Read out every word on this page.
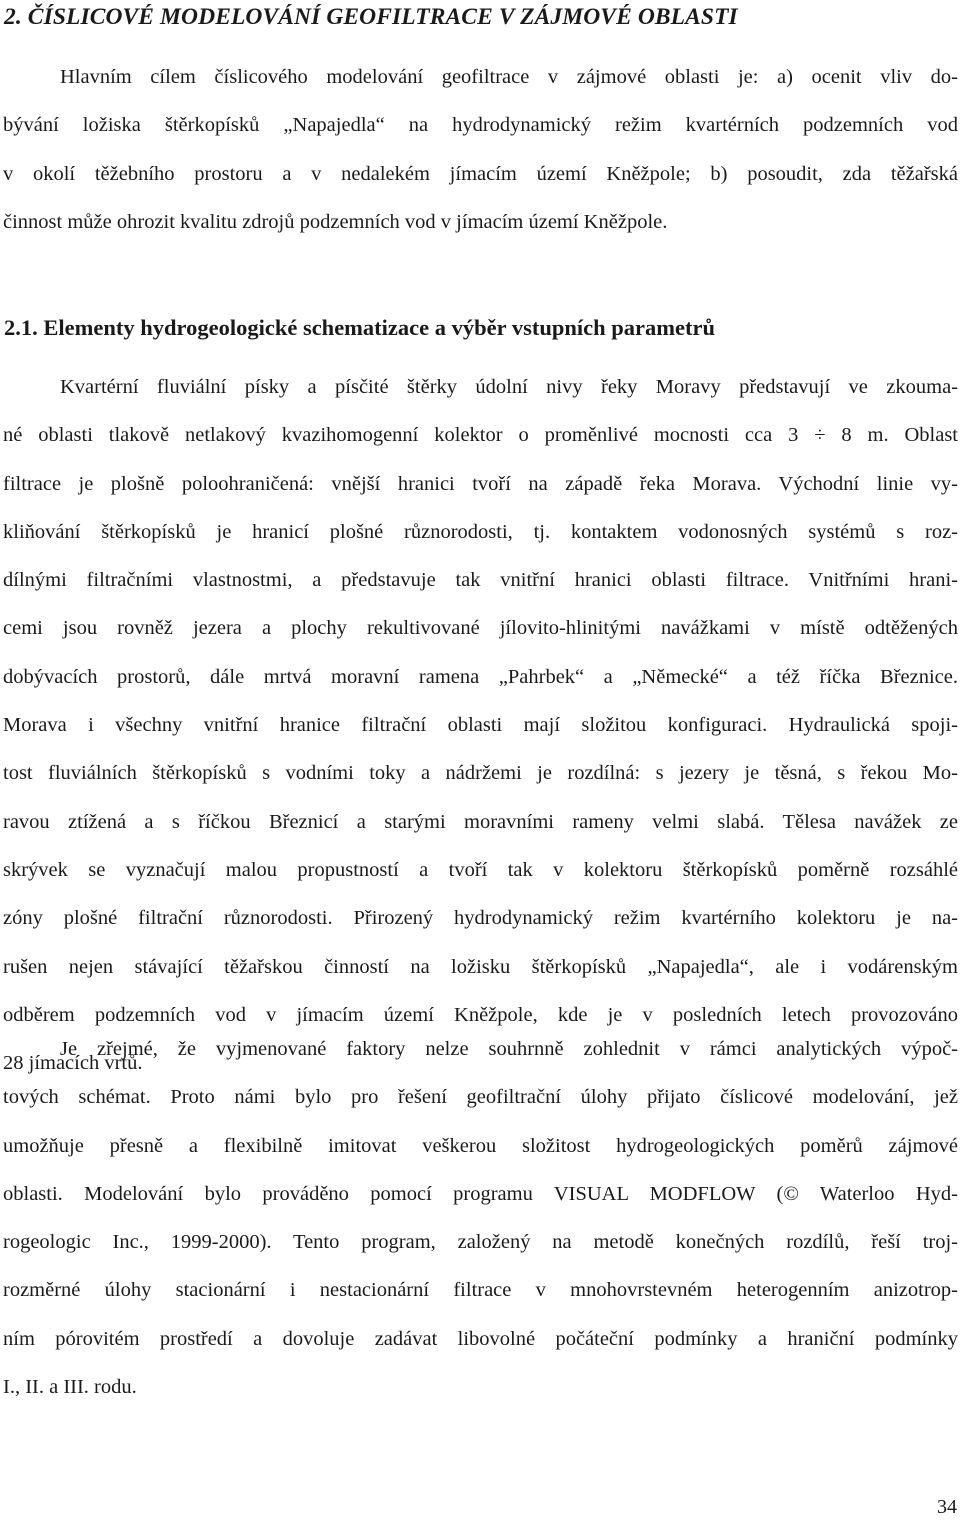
2. ČÍSLICOVÉ MODELOVÁNÍ GEOFILTRACE V ZÁJMOVÉ OBLASTI
Hlavním cílem číslicového modelování geofiltrace v zájmové oblasti je: a) ocenit vliv do-
bývání ložiska štěrkopísků „Napajedla“ na hydrodynamický režim kvartérních podzemních vod
v okolí těžebního prostoru a v nedalekém jímacím území Kněžpole; b) posoudit, zda těžařská
činnost může ohrozit kvalitu zdrojů podzemních vod v jímacím území Kněžpole.
2.1. Elementy hydrogeologické schematizace a výběr vstupních parametrů
Kvartérní fluviální písky a písčité štěrky údolní nivy řeky Moravy představují ve zkouma-
né oblasti tlakově netlakový kvazihomogenní kolektor o proměnlivé mocnosti cca 3 ÷ 8 m. Oblast
filtrace je plošně poloohraničená: vnější hranici tvoří na západě řeka Morava. Východní linie vy-
kliňování štěrkopísků je hranicí plošné různorodosti, tj. kontaktem vodonosných systémů s roz-
dílnými filtračními vlastnostmi, a představuje tak vnitřní hranici oblasti filtrace. Vnitřními hrani-
cemi jsou rovněž jezera a plochy rekultivované jílovito-hlinitými navážkami v místě odtěžených
dobývacích prostorů, dále mrtvá moravní ramena „Pahrbek“ a „Německé“ a též říčka Březnice.
Morava i všechny vnitřní hranice filtrační oblasti mají složitou konfiguraci. Hydraulická spoji-
tost fluviálních štěrkopísků s vodními toky a nádržemi je rozdílná: s jezery je těsná, s řekou Mo-
ravou ztížená a s říčkou Březnicí a starými moravními rameny velmi slabá. Tělesa navážek ze
skrývek se vyznačují malou propustností a tvoří tak v kolektoru štěrkopísků poměrně rozsáhlé
zóny plošné filtrační různorodosti. Přirozený hydrodynamický režim kvartérního kolektoru je na-
rušen nejen stávající těžařskou činností na ložisku štěrkopísků „Napajedla“, ale i vodárenským
odběrem podzemních vod v jímacím území Kněžpole, kde je v posledních letech provozováno
28 jímacích vrtů.
Je zřejmé, že vyjmenované faktory nelze souhrnně zohlednit v rámci analytických výpoč-
tových schémat. Proto námi bylo pro řešení geofiltrační úlohy přijato číslicové modelování, jež
umožňuje přesně a flexibilně imitovat veškerou složitost hydrogeologických poměrů zájmové
oblasti. Modelování bylo prováděno pomocí programu VISUAL MODFLOW (© Waterloo Hyd-
rogeologic Inc., 1999-2000). Tento program, založený na metodě konečných rozdílů, řeší troj-
rozměrné úlohy stacionární i nestacionární filtrace v mnohovrstevném heterogenním anizotrop-
ním pórovitém prostředí a dovoluje zadávat libovolné počáteční podmínky a hraniční podmínky
I., II. a III. rodu.
34
